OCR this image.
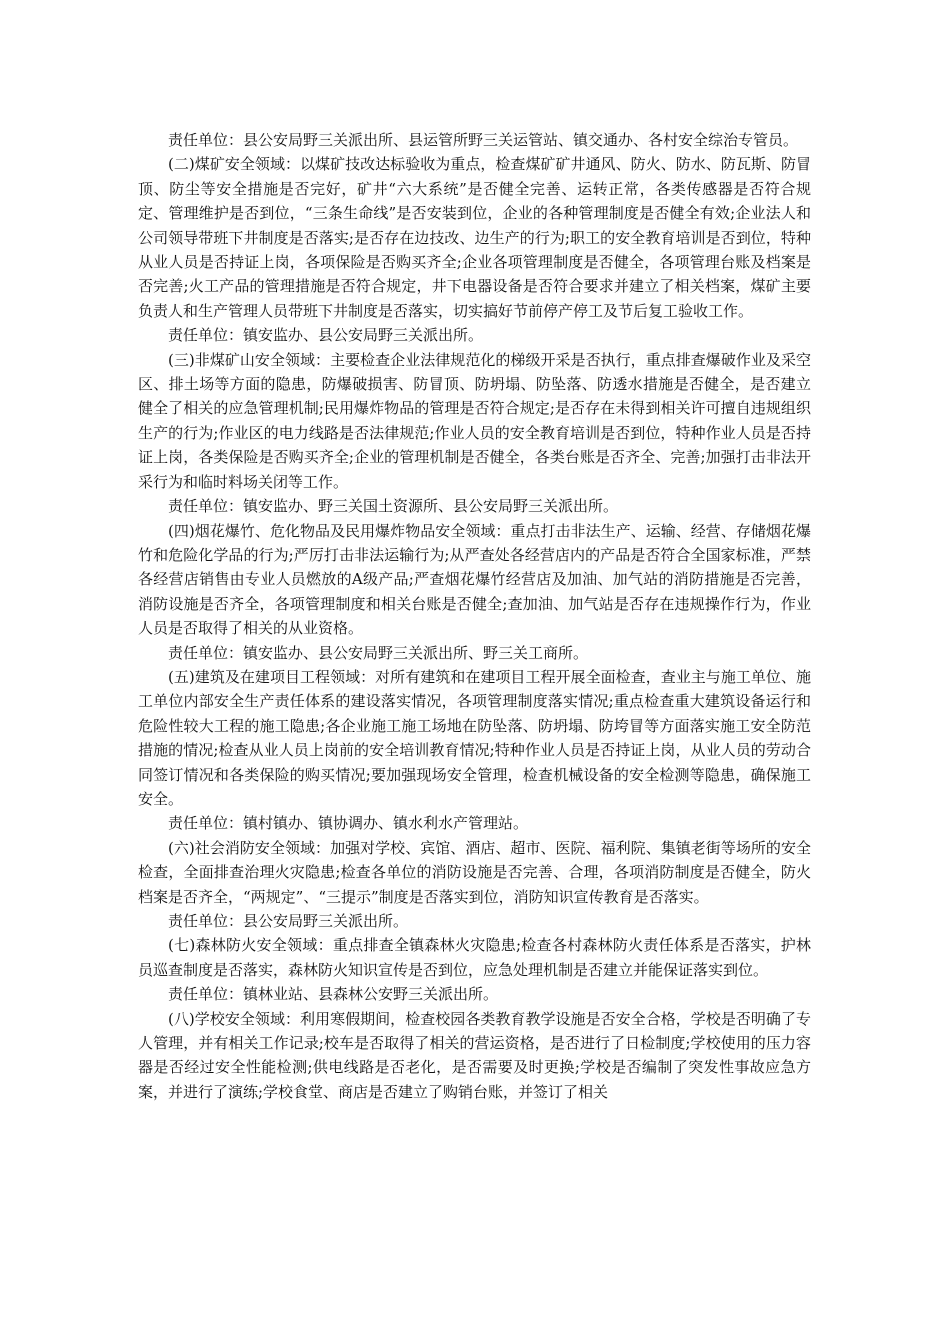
责任单位：县公安局野三关派出所、县运管所野三关运管站、镇交通办、各村安全综治专管员。

(二)煤矿安全领域：以煤矿技改达标验收为重点，检查煤矿矿井通风、防火、防水、防瓦斯、防冒顶、防尘等安全措施是否完好，矿井“六大系统”是否健全完善、运转正常，各类传感器是否符合规定、管理维护是否到位，“三条生命线”是否安装到位，企业的各种管理制度是否健全有效;企业法人和公司领导带班下井制度是否落实;是否存在边技改、边生产的行为;职工的安全教育培训是否到位，特种从业人员是否持证上岗，各项保险是否购买齐全;企业各项管理制度是否健全，各项管理台账及档案是否完善;火工产品的管理措施是否符合规定，井下电器设备是否符合要求并建立了相关档案，煤矿主要负责人和生产管理人员带班下井制度是否落实，切实搞好节前停产停工及节后复工验收工作。

责任单位：镇安监办、县公安局野三关派出所。

(三)非煤矿山安全领域：主要检查企业法律规范化的梯级开采是否执行，重点排查爆破作业及采空区、排土场等方面的隐患，防爆破损害、防冒顶、防坍塌、防坠落、防透水措施是否健全，是否建立健全了相关的应急管理机制;民用爆炸物品的管理是否符合规定;是否存在未得到相关许可擅自违规组织生产的行为;作业区的电力线路是否法律规范;作业人员的安全教育培训是否到位，特种作业人员是否持证上岗，各类保险是否购买齐全;企业的管理机制是否健全，各类台账是否齐全、完善;加强打击非法开采行为和临时料场关闭等工作。

责任单位：镇安监办、野三关国土资源所、县公安局野三关派出所。

(四)烟花爆竹、危化物品及民用爆炸物品安全领域：重点打击非法生产、运输、经营、存储烟花爆竹和危险化学品的行为;严厉打击非法运输行为;从严查处各经营店内的产品是否符合全国家标准，严禁各经营店销售由专业人员燃放的A级产品;严查烟花爆竹经营店及加油、加气站的消防措施是否完善，消防设施是否齐全，各项管理制度和相关台账是否健全;查加油、加气站是否存在违规操作行为，作业人员是否取得了相关的从业资格。

责任单位：镇安监办、县公安局野三关派出所、野三关工商所。

(五)建筑及在建项目工程领域：对所有建筑和在建项目工程开展全面检查，查业主与施工单位、施工单位内部安全生产责任体系的建设落实情况，各项管理制度落实情况;重点检查重大建筑设备运行和危险性较大工程的施工隐患;各企业施工施工场地在防坠落、防坍塌、防垮冒等方面落实施工安全防范措施的情况;检查从业人员上岗前的安全培训教育情况;特种作业人员是否持证上岗，从业人员的劳动合同签订情况和各类保险的购买情况;要加强现场安全管理，检查机械设备的安全检测等隐患，确保施工安全。

责任单位：镇村镇办、镇协调办、镇水利水产管理站。

(六)社会消防安全领域：加强对学校、宾馆、酒店、超市、医院、福利院、集镇老街等场所的安全检查，全面排查治理火灾隐患;检查各单位的消防设施是否完善、合理，各项消防制度是否健全，防火档案是否齐全，“两规定”、“三提示”制度是否落实到位，消防知识宣传教育是否落实。

责任单位：县公安局野三关派出所。

(七)森林防火安全领域：重点排查全镇森林火灾隐患;检查各村森林防火责任体系是否落实，护林员巡查制度是否落实，森林防火知识宣传是否到位，应急处理机制是否建立并能保证落实到位。

责任单位：镇林业站、县森林公安野三关派出所。

(八)学校安全领域：利用寒假期间，检查校园各类教育教学设施是否安全合格，学校是否明确了专人管理，并有相关工作记录;校车是否取得了相关的营运资格，是否进行了日检制度;学校使用的压力容器是否经过安全性能检测;供电线路是否老化，是否需要及时更换;学校是否编制了突发性事故应急方案，并进行了演练;学校食堂、商店是否建立了购销台账，并签订了相关
